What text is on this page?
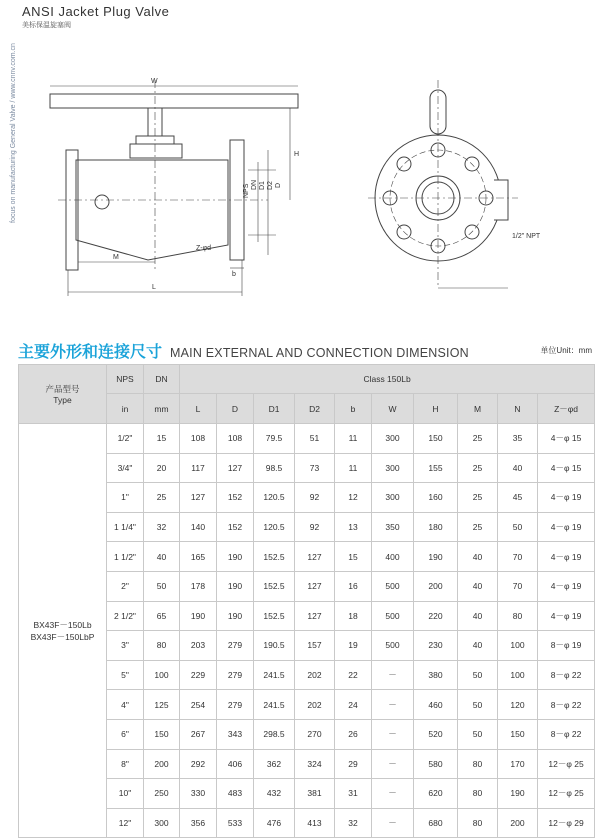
focus on manufacturing General Valve / www.cnnv.com.cn
ANSI Jacket Plug Valve
美标保温旋塞阀
W
H
L
M
NPS DN D1 D2 D
b
Z-φd
1/2" NPT
主要外形和连接尺寸 MAIN EXTERNAL AND CONNECTION DIMENSION	单位Unit：mm
产品型号
Type	NPS	DN	Class 150Lb									
	in	mm	L	D	D1	D2	b	W	H	M	N	Z－φd

BX43F－150Lb
BX43F－150LbP	1/2"	15	108	108	79.5	51	11	300	150	25	35	4－φ 15
	3/4"	20	117	127	98.5	73	11	300	155	25	40	4－φ 15
	1"	25	127	152	120.5	92	12	300	160	25	45	4－φ 19
	1 1/4"	32	140	152	120.5	92	13	350	180	25	50	4－φ 19
	1 1/2"	40	165	190	152.5	127	15	400	190	40	70	4－φ 19
	2"	50	178	190	152.5	127	16	500	200	40	70	4－φ 19
	2 1/2"	65	190	190	152.5	127	18	500	220	40	80	4－φ 19
	3"	80	203	279	190.5	157	19	500	230	40	100	8－φ 19
	5"	100	229	279	241.5	202	22	－	380	50	100	8－φ 22
	4"	125	254	279	241.5	202	24	－	460	50	120	8－φ 22
	6"	150	267	343	298.5	270	26	－	520	50	150	8－φ 22
	8"	200	292	406	362	324	29	－	580	80	170	12－φ 25
	10"	250	330	483	432	381	31	－	620	80	190	12－φ 25
	12"	300	356	533	476	413	32	－	680	80	200	12－φ 29
